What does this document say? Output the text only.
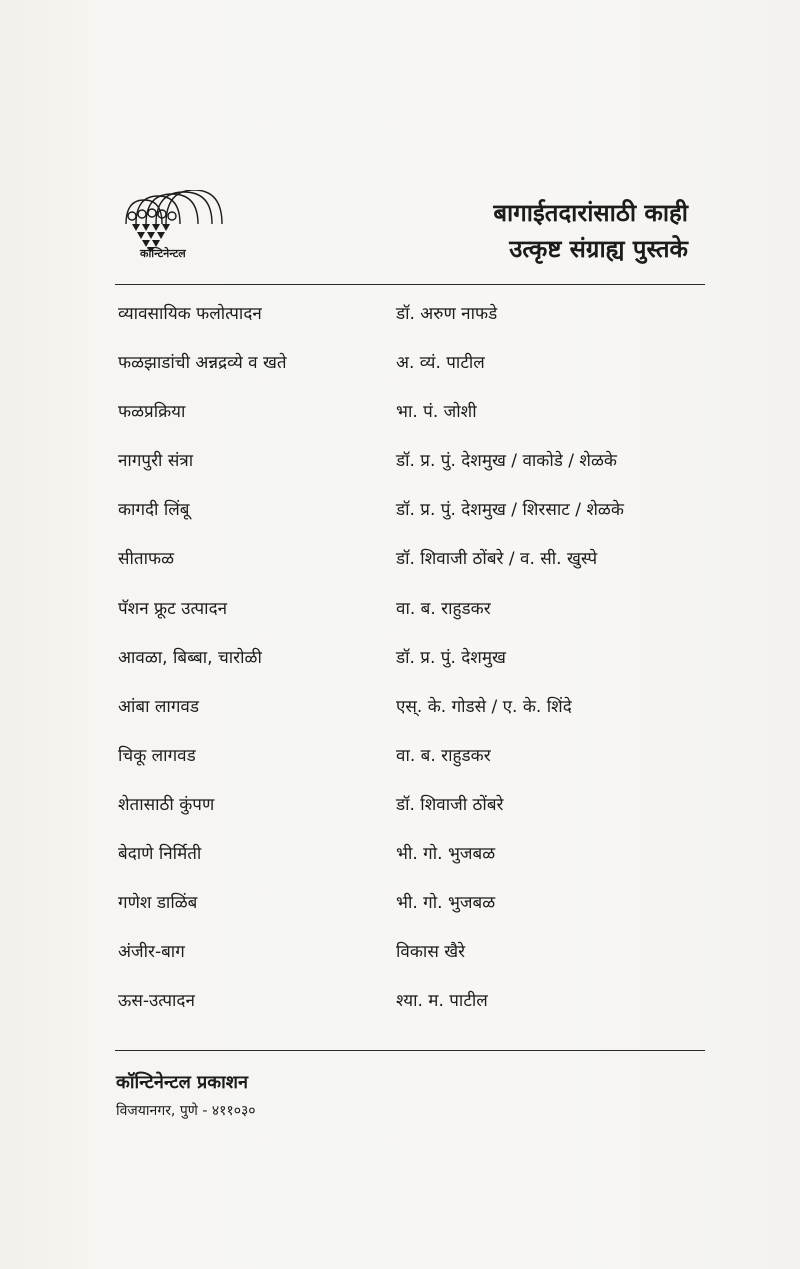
कॉन्टिनेन्टल
बागाईतदारांसाठी काही
उत्कृष्ट संग्राह्य पुस्तके
व्यावसायिक फलोत्पादन	डॉ. अरुण नाफडे
फळझाडांची अन्नद्रव्ये व खते	अ. व्यं. पाटील
फळप्रक्रिया	भा. पं. जोशी
नागपुरी संत्रा	डॉ. प्र. पुं. देशमुख / वाकोडे / शेळके
कागदी लिंबू	डॉ. प्र. पुं. देशमुख / शिरसाट / शेळके
सीताफळ	डॉ. शिवाजी ठोंबरे / व. सी. खुस्पे
पॅशन फ्रूट उत्पादन	वा. ब. राहुडकर
आवळा, बिब्बा, चारोळी	डॉ. प्र. पुं. देशमुख
आंबा लागवड	एस्. के. गोडसे / ए. के. शिंदे
चिकू लागवड	वा. ब. राहुडकर
शेतासाठी कुंपण	डॉ. शिवाजी ठोंबरे
बेदाणे निर्मिती	भी. गो. भुजबळ
गणेश डाळिंब	भी. गो. भुजबळ
अंजीर-बाग	विकास खैरे
ऊस-उत्पादन	श्या. म. पाटील
कॉन्टिनेन्टल प्रकाशन
विजयानगर, पुणे - ४११०३०
